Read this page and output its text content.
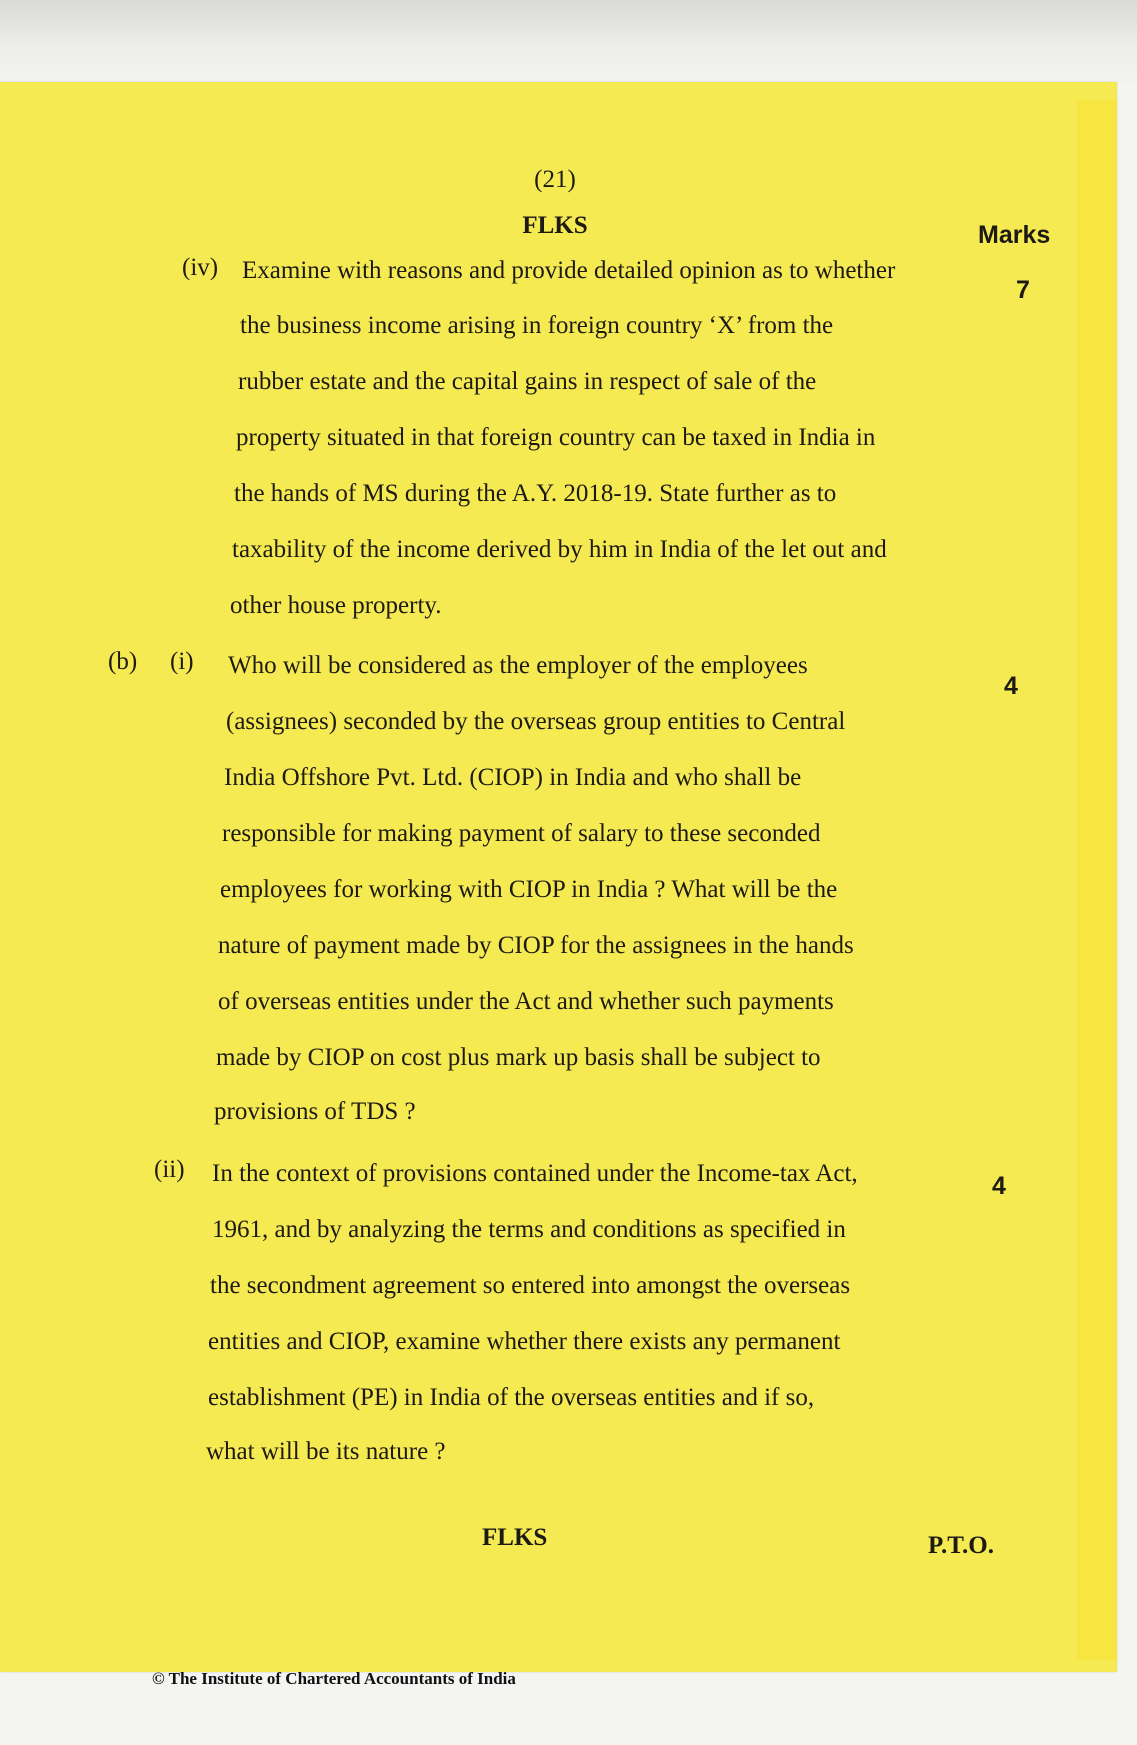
(21)
FLKS	Marks
(iv) Examine with reasons and provide detailed opinion as to whether
the business income arising in foreign country ‘X’ from the
rubber estate and the capital gains in respect of sale of the
property situated in that foreign country can be taxed in India in
the hands of MS during the A.Y. 2018-19. State further as to
taxability of the income derived by him in India of the let out and
other house property.
7
(b) (i) Who will be considered as the employer of the employees
(assignees) seconded by the overseas group entities to Central
India Offshore Pvt. Ltd. (CIOP) in India and who shall be
responsible for making payment of salary to these seconded
employees for working with CIOP in India ? What will be the
nature of payment made by CIOP for the assignees in the hands
of overseas entities under the Act and whether such payments
made by CIOP on cost plus mark up basis shall be subject to
provisions of TDS ?
4
(ii) In the context of provisions contained under the Income-tax Act,
1961, and by analyzing the terms and conditions as specified in
the secondment agreement so entered into amongst the overseas
entities and CIOP, examine whether there exists any permanent
establishment (PE) in India of the overseas entities and if so,
what will be its nature ?
4
FLKS	P.T.O.
© The Institute of Chartered Accountants of India
